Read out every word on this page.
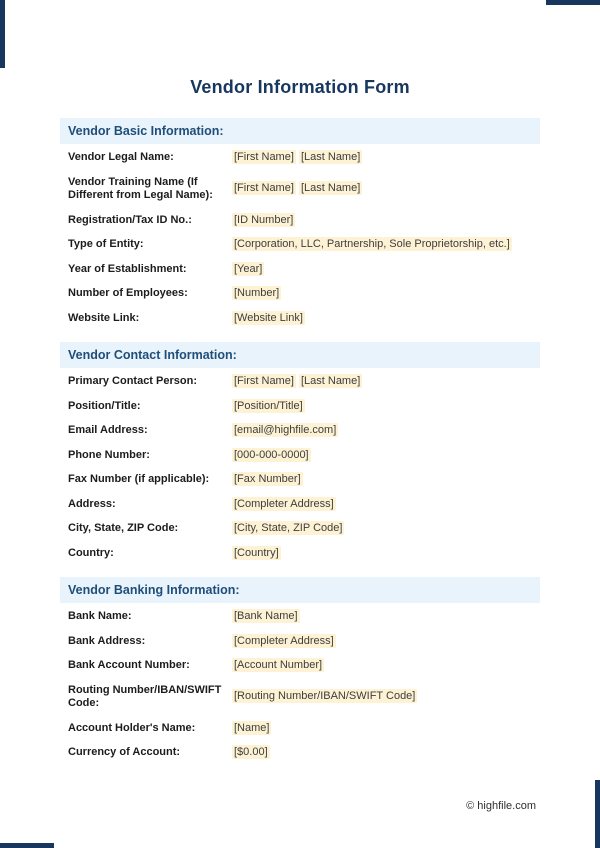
Vendor Information Form
Vendor Basic Information:
Vendor Legal Name:	[First Name] [Last Name]
Vendor Training Name (If Different from Legal Name):
[First Name] [Last Name]
Registration/Tax ID No.:	[ID Number]
Type of Entity:	[Corporation, LLC, Partnership, Sole Proprietorship, etc.]
Year of Establishment:	[Year]
Number of Employees:	[Number]
Website Link:	[Website Link]
Vendor Contact Information:
Primary Contact Person:	[First Name] [Last Name]
Position/Title:	[Position/Title]
Email Address:	[email@highfile.com]
Phone Number:	[000-000-0000]
Fax Number (if applicable):	[Fax Number]
Address:	[Completer Address]
City, State, ZIP Code:	[City, State, ZIP Code]
Country:	[Country]
Vendor Banking Information:
Bank Name:	[Bank Name]
Bank Address:	[Completer Address]
Bank Account Number:	[Account Number]
Routing Number/IBAN/SWIFT Code:
[Routing Number/IBAN/SWIFT Code]
Account Holder's Name:	[Name]
Currency of Account:	[$0.00]
© highfile.com
